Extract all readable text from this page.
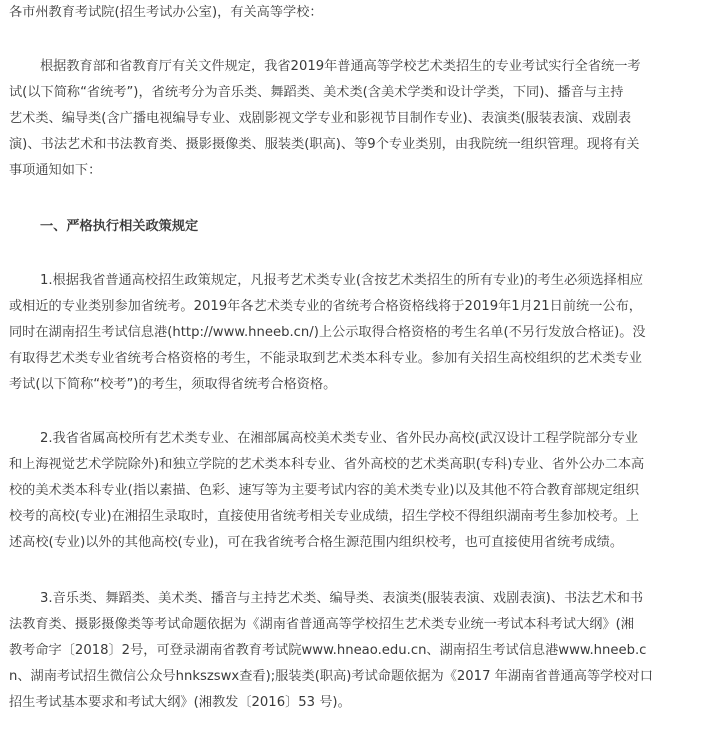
各市州教育考试院(招生考试办公室)，有关高等学校：
根据教育部和省教育厅有关文件规定，我省2019年普通高等学校艺术类招生的专业考试实行全省统一考
试(以下简称“省统考”)，省统考分为音乐类、舞蹈类、美术类(含美术学类和设计学类，下同)、播音与主持
艺术类、编导类(含广播电视编导专业、戏剧影视文学专业和影视节目制作专业)、表演类(服装表演、戏剧表
演)、书法艺术和书法教育类、摄影摄像类、服装类(职高)、等9个专业类别，由我院统一组织管理。现将有关
事项通知如下：
一、严格执行相关政策规定
1.根据我省普通高校招生政策规定，凡报考艺术类专业(含按艺术类招生的所有专业)的考生必须选择相应
或相近的专业类别参加省统考。2019年各艺术类专业的省统考合格资格线将于2019年1月21日前统一公布，
同时在湖南招生考试信息港(http://www.hneeb.cn/)上公示取得合格资格的考生名单(不另行发放合格证)。没
有取得艺术类专业省统考合格资格的考生，不能录取到艺术类本科专业。参加有关招生高校组织的艺术类专业
考试(以下简称“校考”)的考生，须取得省统考合格资格。
2.我省省属高校所有艺术类专业、在湘部属高校美术类专业、省外民办高校(武汉设计工程学院部分专业
和上海视觉艺术学院除外)和独立学院的艺术类本科专业、省外高校的艺术类高职(专科)专业、省外公办二本高
校的美术类本科专业(指以素描、色彩、速写等为主要考试内容的美术类专业)以及其他不符合教育部规定组织
校考的高校(专业)在湘招生录取时，直接使用省统考相关专业成绩，招生学校不得组织湖南考生参加校考。上
述高校(专业)以外的其他高校(专业)，可在我省统考合格生源范围内组织校考，也可直接使用省统考成绩。
3.音乐类、舞蹈类、美术类、播音与主持艺术类、编导类、表演类(服装表演、戏剧表演)、书法艺术和书
法教育类、摄影摄像类等考试命题依据为《湖南省普通高等学校招生艺术类专业统一考试本科考试大纲》(湘
教考命字〔2018〕2号，可登录湖南省教育考试院www.hneao.edu.cn、湖南招生考试信息港www.hneeb.c
n、湖南考试招生微信公众号hnkszswx查看);服装类(职高)考试命题依据为《2017 年湖南省普通高等学校对口
招生考试基本要求和考试大纲》(湘教发〔2016〕53 号)。
